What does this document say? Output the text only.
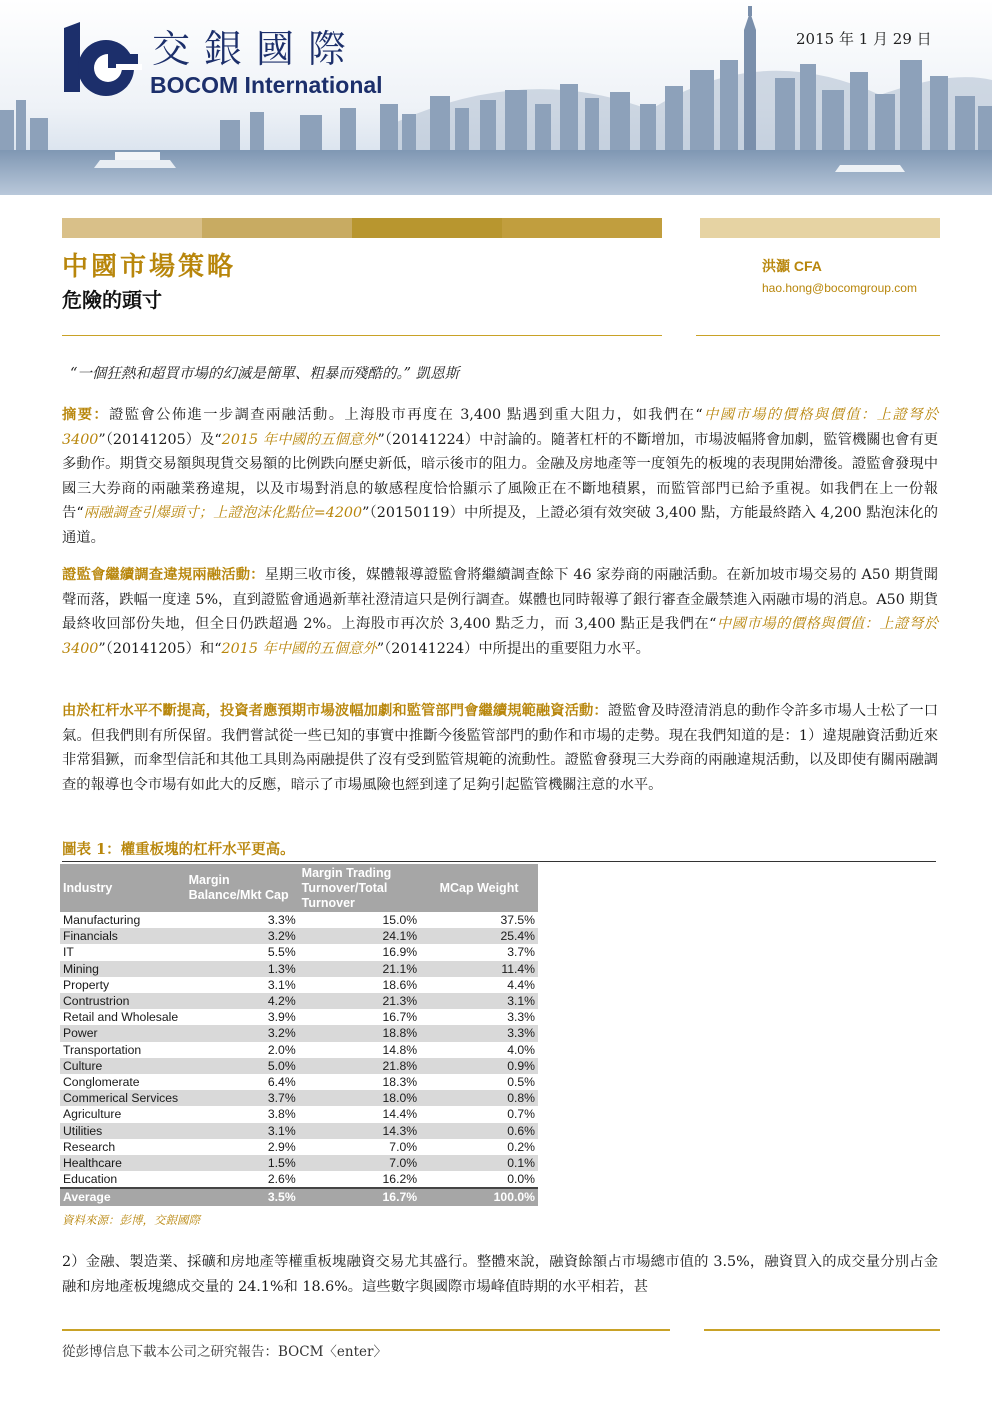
交銀國際
BOCOM International
2015 年 1 月 29 日
中國市場策略
危險的頭寸
洪灝 CFA
hao.hong@bocomgroup.com
“一個狂熱和超買市場的幻滅是簡單、粗暴而殘酷的。” 凱恩斯
摘要：證監會公佈進一步調查兩融活動。上海股市再度在 3,400 點遇到重大阻力，如我們在“中國市場的價格與價值：上證弩於 3400”（20141205）及“2015 年中國的五個意外”（20141224）中討論的。隨著杠杆的不斷增加，市場波幅將會加劇，監管機關也會有更多動作。期貨交易額與現貨交易額的比例跌向歷史新低，暗示後市的阻力。金融及房地產等一度領先的板塊的表現開始滯後。證監會發現中國三大券商的兩融業務違規，以及市場對消息的敏感程度恰恰顯示了風險正在不斷地積累，而監管部門已給予重視。如我們在上一份報告“兩融調查引爆頭寸；上證泡沫化點位=4200”（20150119）中所提及，上證必須有效突破 3,400 點，方能最終踏入 4,200 點泡沫化的通道。
證監會繼續調查違規兩融活動：星期三收市後，媒體報導證監會將繼續調查餘下 46 家券商的兩融活動。在新加坡市場交易的 A50 期貨聞聲而落，跌幅一度達 5%，直到證監會通過新華社澄清這只是例行調查。媒體也同時報導了銀行審查金嚴禁進入兩融市場的消息。A50 期貨最終收回部份失地，但全日仍跌超過 2%。上海股市再次於 3,400 點乏力，而 3,400 點正是我們在“中國市場的價格與價值：上證弩於 3400”（20141205）和“2015 年中國的五個意外”（20141224）中所提出的重要阻力水平。
由於杠杆水平不斷提高，投資者應預期市場波幅加劇和監管部門會繼續規範融資活動：證監會及時澄清消息的動作令許多市場人士松了一口氣。但我們則有所保留。我們嘗試從一些已知的事實中推斷今後監管部門的動作和市場的走勢。現在我們知道的是：1）違規融資活動近來非常猖獗，而傘型信託和其他工具則為兩融提供了沒有受到監管規範的流動性。證監會發現三大券商的兩融違規活動，以及即使有關兩融調查的報導也令市場有如此大的反應，暗示了市場風險也經到達了足夠引起監管機關注意的水平。
圖表 1：權重板塊的杠杆水平更高。
Industry	Margin Balance/Mkt Cap	Margin Trading Turnover/Total Turnover	MCap Weight
Manufacturing	3.3%	15.0%	37.5%
Financials	3.2%	24.1%	25.4%
IT	5.5%	16.9%	3.7%
Mining	1.3%	21.1%	11.4%
Property	3.1%	18.6%	4.4%
Contrustrion	4.2%	21.3%	3.1%
Retail and Wholesale	3.9%	16.7%	3.3%
Power	3.2%	18.8%	3.3%
Transportation	2.0%	14.8%	4.0%
Culture	5.0%	21.8%	0.9%
Conglomerate	6.4%	18.3%	0.5%
Commerical Services	3.7%	18.0%	0.8%
Agriculture	3.8%	14.4%	0.7%
Utilities	3.1%	14.3%	0.6%
Research	2.9%	7.0%	0.2%
Healthcare	1.5%	7.0%	0.1%
Education	2.6%	16.2%	0.0%
Average	3.5%	16.7%	100.0%
資料來源：彭博，交銀國際
2）金融、製造業、採礦和房地產等權重板塊融資交易尤其盛行。整體來說，融資餘額占市場總市值的 3.5%，融資買入的成交量分別占金融和房地產板塊總成交量的 24.1%和 18.6%。這些數字與國際市場峰值時期的水平相若，甚
從彭博信息下載本公司之研究報告：BOCM〈enter〉
